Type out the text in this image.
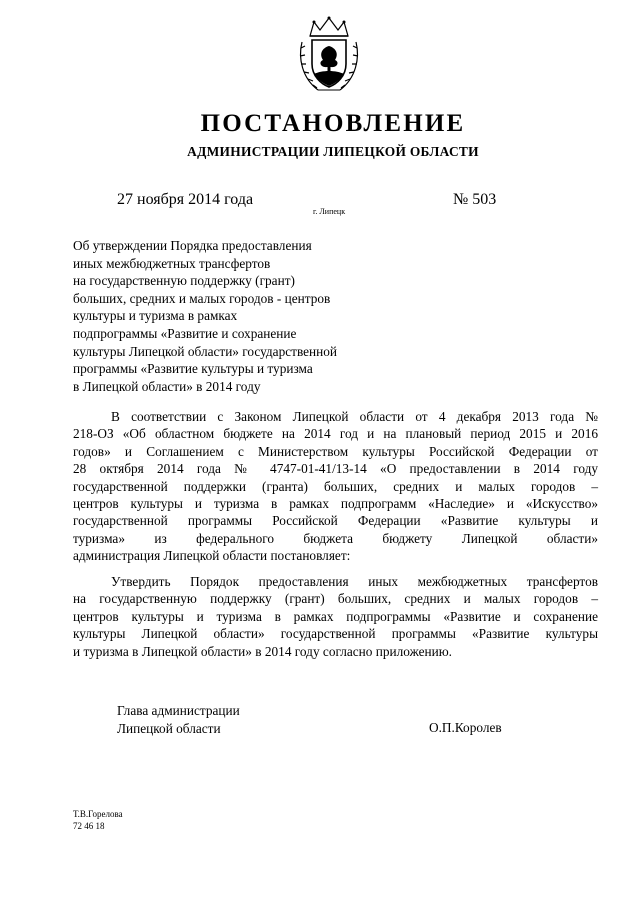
ПОСТАНОВЛЕНИЕ
АДМИНИСТРАЦИИ ЛИПЕЦКОЙ ОБЛАСТИ
27 ноября 2014 года
г. Липецк
№ 503
Об утверждении Порядка предоставления
иных межбюджетных трансфертов
на государственную поддержку (грант)
больших, средних и малых городов - центров
культуры и туризма в рамках
подпрограммы «Развитие и сохранение
культуры Липецкой области» государственной
программы «Развитие культуры и туризма
в Липецкой области» в 2014 году
В соответствии с Законом Липецкой области от 4 декабря 2013 года №
218-ОЗ «Об областном бюджете на 2014 год и на плановый период 2015 и 2016
годов» и Соглашением с Министерством культуры Российской Федерации от
28 октября 2014 года № 4747-01-41/13-14 «О предоставлении в 2014 году
государственной поддержки (гранта) больших, средних и малых городов –
центров культуры и туризма в рамках подпрограмм «Наследие» и «Искусство»
государственной программы Российской Федерации «Развитие культуры и
туризма» из федерального бюджета бюджету Липецкой области»
администрация Липецкой области постановляет:
Утвердить Порядок предоставления иных межбюджетных трансфертов
на государственную поддержку (грант) больших, средних и малых городов –
центров культуры и туризма в рамках подпрограммы «Развитие и сохранение
культуры Липецкой области» государственной программы «Развитие культуры
и туризма в Липецкой области» в 2014 году согласно приложению.
Глава администрации
Липецкой области	О.П.Королев
Т.В.Горелова
72 46 18
